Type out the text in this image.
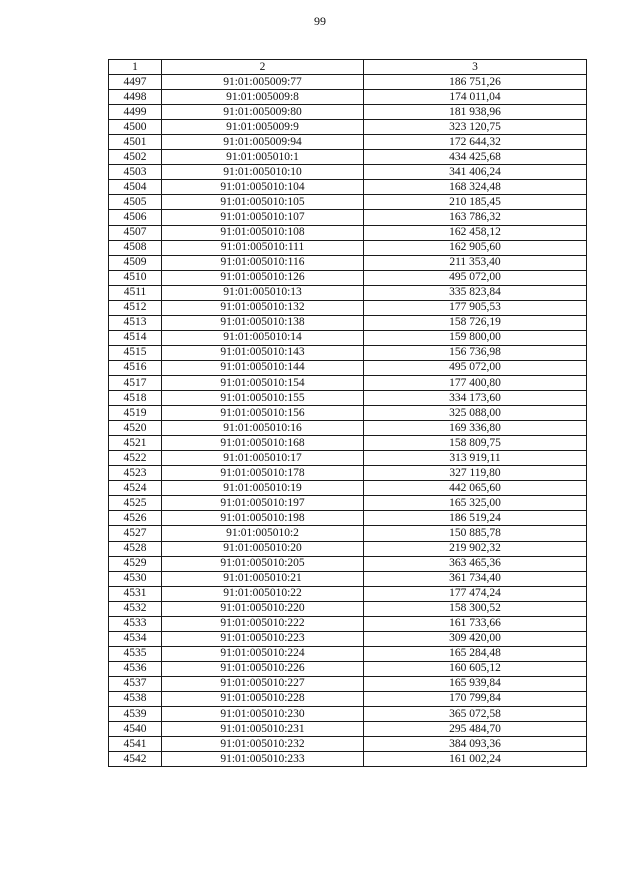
99
1	2	3
4497	91:01:005009:77	186 751,26
4498	91:01:005009:8	174 011,04
4499	91:01:005009:80	181 938,96
4500	91:01:005009:9	323 120,75
4501	91:01:005009:94	172 644,32
4502	91:01:005010:1	434 425,68
4503	91:01:005010:10	341 406,24
4504	91:01:005010:104	168 324,48
4505	91:01:005010:105	210 185,45
4506	91:01:005010:107	163 786,32
4507	91:01:005010:108	162 458,12
4508	91:01:005010:111	162 905,60
4509	91:01:005010:116	211 353,40
4510	91:01:005010:126	495 072,00
4511	91:01:005010:13	335 823,84
4512	91:01:005010:132	177 905,53
4513	91:01:005010:138	158 726,19
4514	91:01:005010:14	159 800,00
4515	91:01:005010:143	156 736,98
4516	91:01:005010:144	495 072,00
4517	91:01:005010:154	177 400,80
4518	91:01:005010:155	334 173,60
4519	91:01:005010:156	325 088,00
4520	91:01:005010:16	169 336,80
4521	91:01:005010:168	158 809,75
4522	91:01:005010:17	313 919,11
4523	91:01:005010:178	327 119,80
4524	91:01:005010:19	442 065,60
4525	91:01:005010:197	165 325,00
4526	91:01:005010:198	186 519,24
4527	91:01:005010:2	150 885,78
4528	91:01:005010:20	219 902,32
4529	91:01:005010:205	363 465,36
4530	91:01:005010:21	361 734,40
4531	91:01:005010:22	177 474,24
4532	91:01:005010:220	158 300,52
4533	91:01:005010:222	161 733,66
4534	91:01:005010:223	309 420,00
4535	91:01:005010:224	165 284,48
4536	91:01:005010:226	160 605,12
4537	91:01:005010:227	165 939,84
4538	91:01:005010:228	170 799,84
4539	91:01:005010:230	365 072,58
4540	91:01:005010:231	295 484,70
4541	91:01:005010:232	384 093,36
4542	91:01:005010:233	161 002,24
